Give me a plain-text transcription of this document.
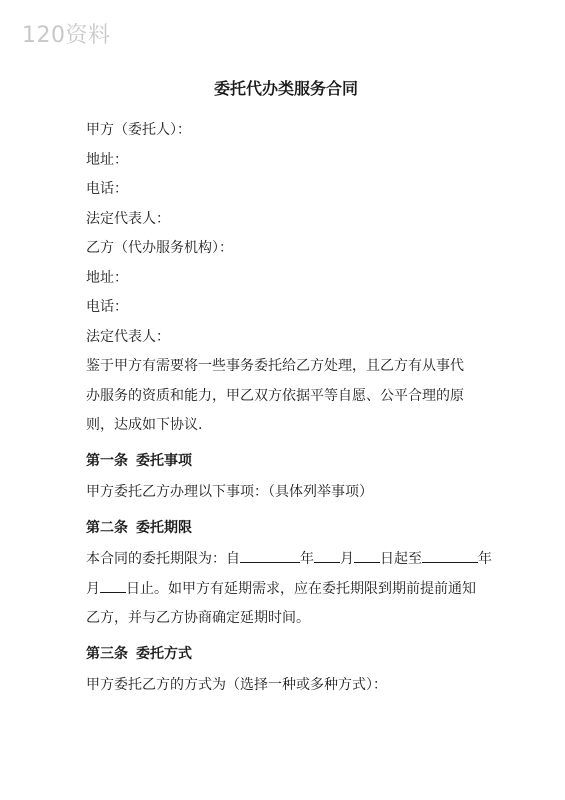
120资料
委托代办类服务合同

甲方（委托人）：

地址：

电话：

法定代表人：

乙方（代办服务机构）：

地址：

电话：

法定代表人：

鉴于甲方有需要将一些事务委托给乙方处理，且乙方有从事代

办服务的资质和能力，甲乙双方依据平等自愿、公平合理的原

则，达成如下协议.

第一条 委托事项

甲方委托乙方办理以下事项：（具体列举事项）

第二条 委托期限

本合同的委托期限为：自	年 月 日起至	年

月 日止。如甲方有延期需求，应在委托期限到期前提前通知

乙方，并与乙方协商确定延期时间。

第三条 委托方式

甲方委托乙方的方式为（选择一种或多种方式）：
